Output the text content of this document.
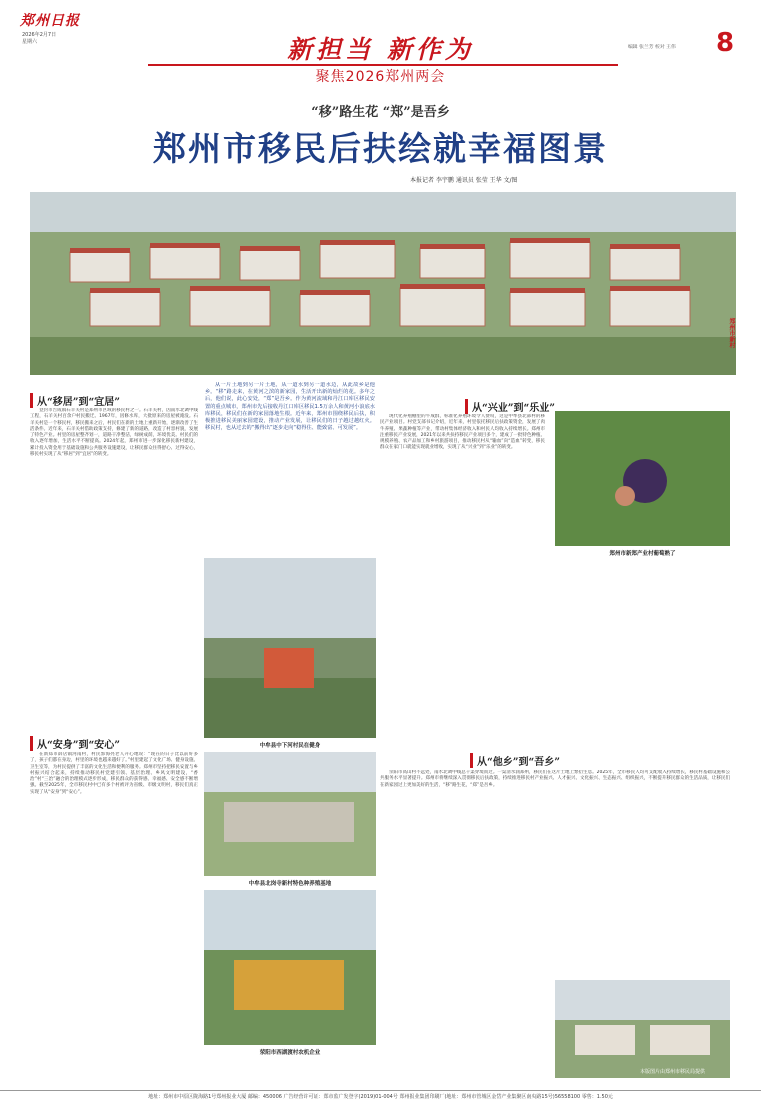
郑州日报
2026年2月7日
星期六	新担当 新作为
聚焦2026郑州两会
编辑 张兰芳 校对 王伟 8
“移”路生花 “郑”是吾乡
郑州市移民后扶绘就幸福图景
本报记者 李宇鹏 通讯员 张莹 王华 文/图
郑州市新村
从“移居”到“宜居”
登封市告成镇石羊关村是郑州市区域的移民村之一。石羊关村，因南水北调中线工程，石羊关村百余户村民搬迁。1967年，因修水库，大批原来的房屋被淹没。石羊关村是一个移民村，移民搬来之后，村民们在新的土地上重新开始，逐渐改善了生活条件。近年来，石羊关村借助政策支持，修建了新的道路，改造了村容村貌，发展了特色产业。村里的房屋整齐划一，道路干净整洁，绿树成荫，环境优美。村民们的收入逐年增加，生活水平不断提高。2024年起，郑州市进一步深化移民新村建设，累计投入资金用于基础设施和公共服务设施建设，让移民群众住得舒心、过得安心，移民村实现了从“移居”到“宜居”的转变。
从一片土地到另一片土地，从一道水到另一道水边，从此故乡是他乡。“移”路走来，在黄河之滨的新家园，生活开出新的灿烂的花。多年之后，他们说，此心安处，“郑”是吾乡。作为黄河流域和丹江口库区移民安置的重点城市，郑州市先后接收丹江口库区移民1.5万余人和黄河小浪底水库移民，移民们在新的家园落地生根。近年来，郑州市围绕移民后扶，积极推进移民美丽家园建设，推动产业发展，让移民们的日子越过越红火。移民村，也从过去的“搬得出”逐步走向“稳得住、能致富、可发展”。
中牟县中下河村民在健身
中牟县北岗寺新村特色种养殖基地
荥阳市西湖渡村农机企业
从“安身”到“安心”
在新郑市薛店镇河南村，村民郭海亮老人开心地说：“现在的日子比以前好多了，孩子们都在身边，村里的环境也越来越好了。”村里建起了文化广场、健身设施、卫生室等，为村民提供了丰富的文化生活和便利的服务。郑州市坚持把移民安置与乡村振兴结合起来，持续推动移民村党建引领、基层治理、乡风文明建设，“香治”村“三治”融合的治理模式逐步形成，移民群众的获得感、幸福感、安全感不断增强。截至2025年，全市移民村中已有多个村被评为省级、市级文明村，移民们真正实现了从“安身”到“安心”。
从“兴业”到“乐业”
现代化养殖棚里的牛成群，标准化养殖环境令人赞叹，这是中牟县北部村的移民产业项目。村党支部书记介绍，近年来，村里依托移民后扶政策资金，发展了肉牛养殖、果蔬种植等产业，带动村集体经济收入和村民人均收入持续增长。郑州市注重移民产业发展，2021年以来共扶持移民产业项目多个，建成了一批特色种植、规模养殖、农产品加工和乡村旅游项目，推动移民村从“输血”向“造血”转变，移民群众在家门口就能实现就业增收，实现了从“兴业”到“乐业”的转变。
郑州市新郑产业村葡萄熟了
从“他乡”到“吾乡”
荥阳市高山村不远处，南水北调中线总干渠穿境而过。一渠清水润郑州，移民们在这片土地上繁衍生息。2025年，全市移民人均可支配收入持续增长，移民村基础设施和公共服务水平显著提升。郑州市将继续深入贯彻移民后扶政策，持续推进移民村产业振兴、人才振兴、文化振兴、生态振兴、组织振兴，不断提升移民群众的生活品质，让移民们在新家园过上更加美好的生活，“移”路生花，“郑”是吾乡。
本版图片由郑州市移民局提供
地址：郑州市中原区陇海路1号郑州报业大厦 邮编：450006 广告经营许可证：郑市监广发登字(2019)01-004号 郑州报业集团印刷厂(地址：郑州市管城区金岱产业集聚区南央路15号)56558100 零售：1.50元
